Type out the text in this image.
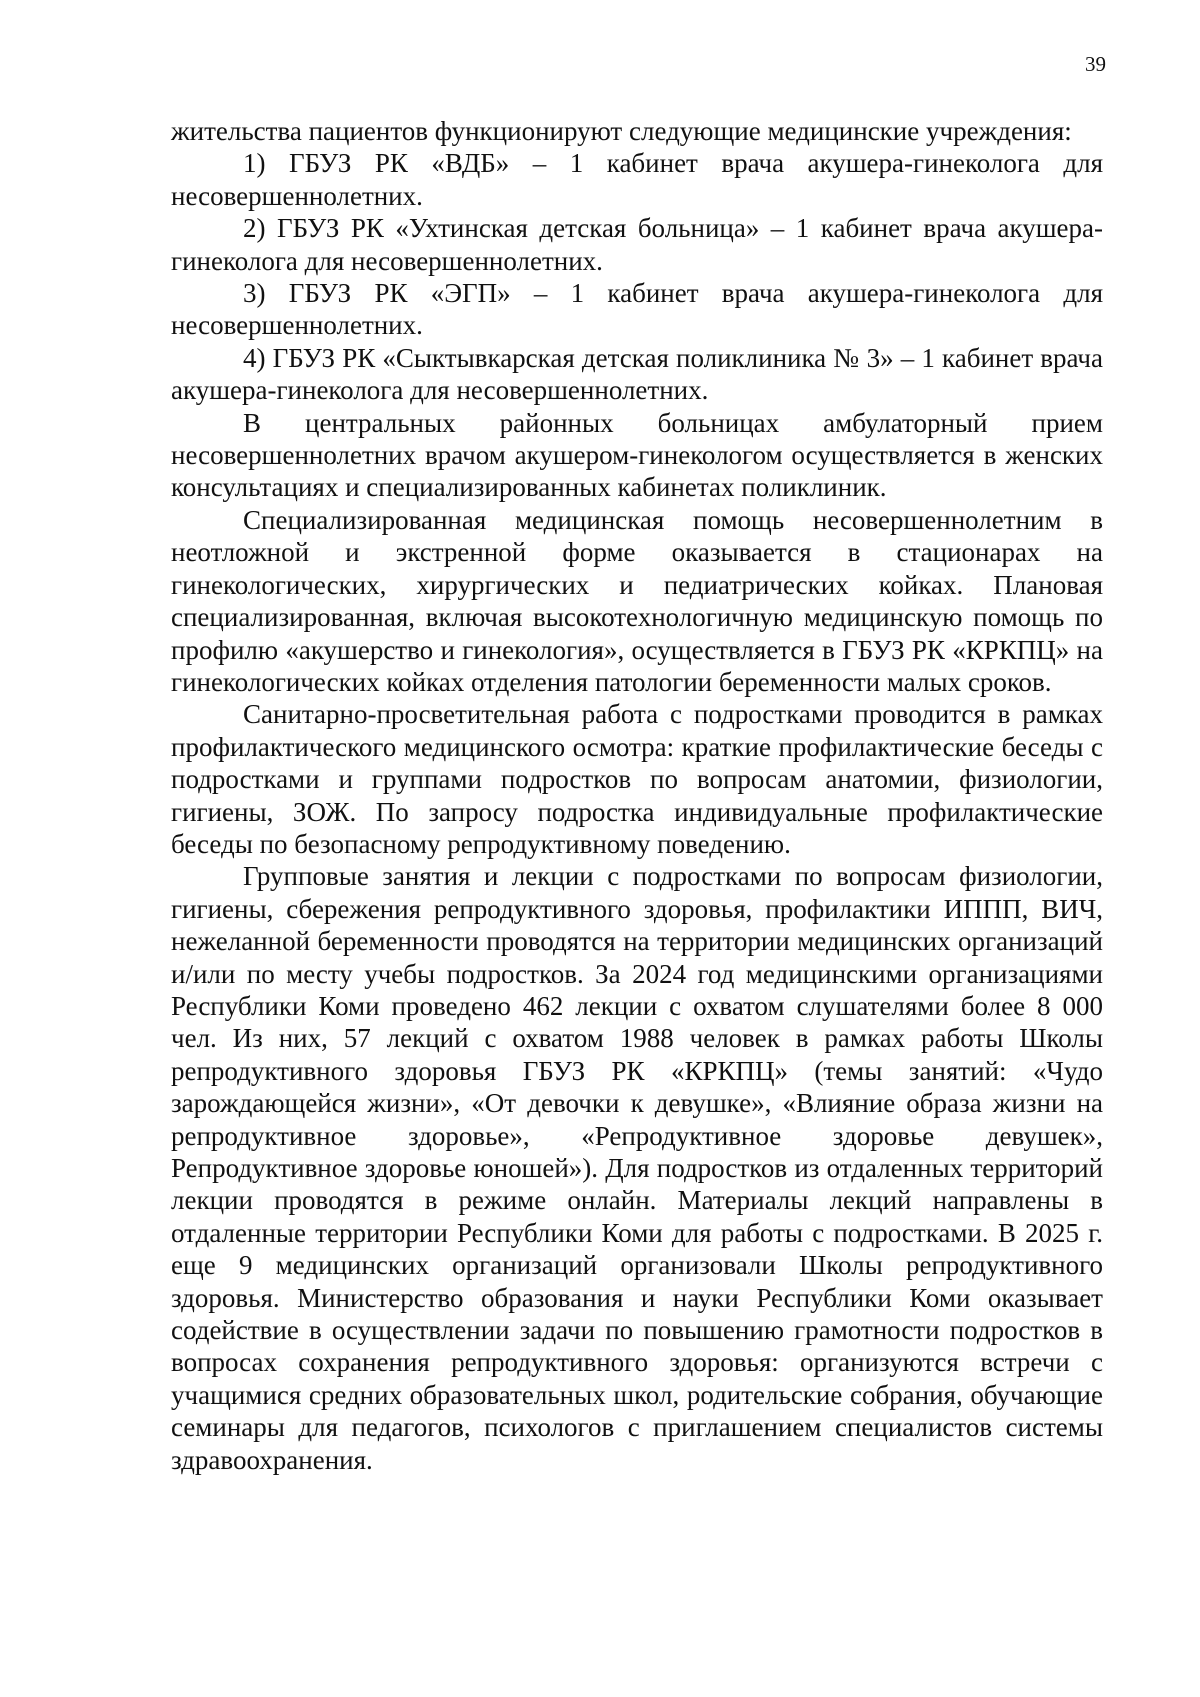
39

жительства пациентов функционируют следующие медицинские учреждения:

1) ГБУЗ РК «ВДБ» – 1 кабинет врача акушера-гинеколога для несовершеннолетних.

2) ГБУЗ РК «Ухтинская детская больница» – 1 кабинет врача акушера-гинеколога для несовершеннолетних.

3) ГБУЗ РК «ЭГП» – 1 кабинет врача акушера-гинеколога для несовершеннолетних.

4) ГБУЗ РК «Сыктывкарская детская поликлиника № 3» – 1 кабинет врача акушера-гинеколога для несовершеннолетних.

В центральных районных больницах амбулаторный прием несовершеннолетних врачом акушером-гинекологом осуществляется в женских консультациях и специализированных кабинетах поликлиник.

Специализированная медицинская помощь несовершеннолетним в неотложной и экстренной форме оказывается в стационарах на гинекологических, хирургических и педиатрических койках. Плановая специализированная, включая высокотехнологичную медицинскую помощь по профилю «акушерство и гинекология», осуществляется в ГБУЗ РК «КРКПЦ» на гинекологических койках отделения патологии беременности малых сроков.

Санитарно-просветительная работа с подростками проводится в рамках профилактического медицинского осмотра: краткие профилактические беседы с подростками и группами подростков по вопросам анатомии, физиологии, гигиены, ЗОЖ. По запросу подростка индивидуальные профилактические беседы по безопасному репродуктивному поведению.

Групповые занятия и лекции с подростками по вопросам физиологии, гигиены, сбережения репродуктивного здоровья, профилактики ИППП, ВИЧ, нежеланной беременности проводятся на территории медицинских организаций и/или по месту учебы подростков. За 2024 год медицинскими организациями Республики Коми проведено 462 лекции с охватом слушателями более 8 000 чел. Из них, 57 лекций с охватом 1988 человек в рамках работы Школы репродуктивного здоровья ГБУЗ РК «КРКПЦ» (темы занятий: «Чудо зарождающейся жизни», «От девочки к девушке», «Влияние образа жизни на репродуктивное здоровье», «Репродуктивное здоровье девушек», Репродуктивное здоровье юношей»). Для подростков из отдаленных территорий лекции проводятся в режиме онлайн. Материалы лекций направлены в отдаленные территории Республики Коми для работы с подростками. В 2025 г. еще 9 медицинских организаций организовали Школы репродуктивного здоровья. Министерство образования и науки Республики Коми оказывает содействие в осуществлении задачи по повышению грамотности подростков в вопросах сохранения репродуктивного здоровья: организуются встречи с учащимися средних образовательных школ, родительские собрания, обучающие семинары для педагогов, психологов с приглашением специалистов системы здравоохранения.
